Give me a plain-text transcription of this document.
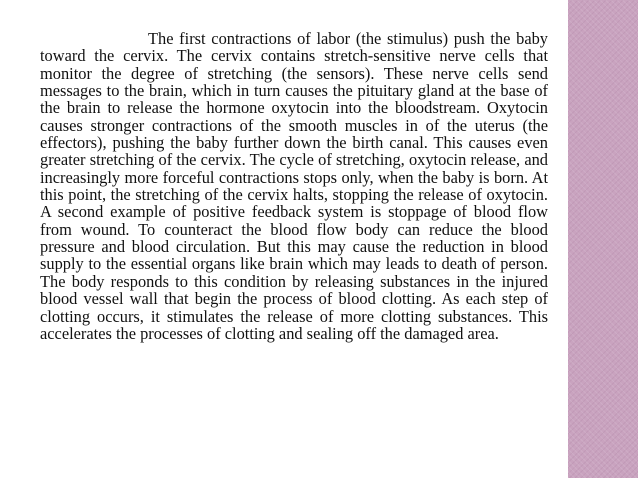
The first contractions of labor (the stimulus) push the baby toward the cervix. The cervix contains stretch-sensitive nerve cells that monitor the degree of stretching (the sensors). These nerve cells send messages to the brain, which in turn causes the pituitary gland at the base of the brain to release the hormone oxytocin into the bloodstream. Oxytocin causes stronger contractions of the smooth muscles in of the uterus (the effectors), pushing the baby further down the birth canal. This causes even greater stretching of the cervix. The cycle of stretching, oxytocin release, and increasingly more forceful contractions stops only, when the baby is born. At this point, the stretching of the cervix halts, stopping the release of oxytocin. A second example of positive feedback system is stoppage of blood flow from wound. To counteract the blood flow body can reduce the blood pressure and blood circulation. But this may cause the reduction in blood supply to the essential organs like brain which may leads to death of person. The body responds to this condition by releasing substances in the injured blood vessel wall that begin the process of blood clotting. As each step of clotting occurs, it stimulates the release of more clotting substances. This accelerates the processes of clotting and sealing off the damaged area.
